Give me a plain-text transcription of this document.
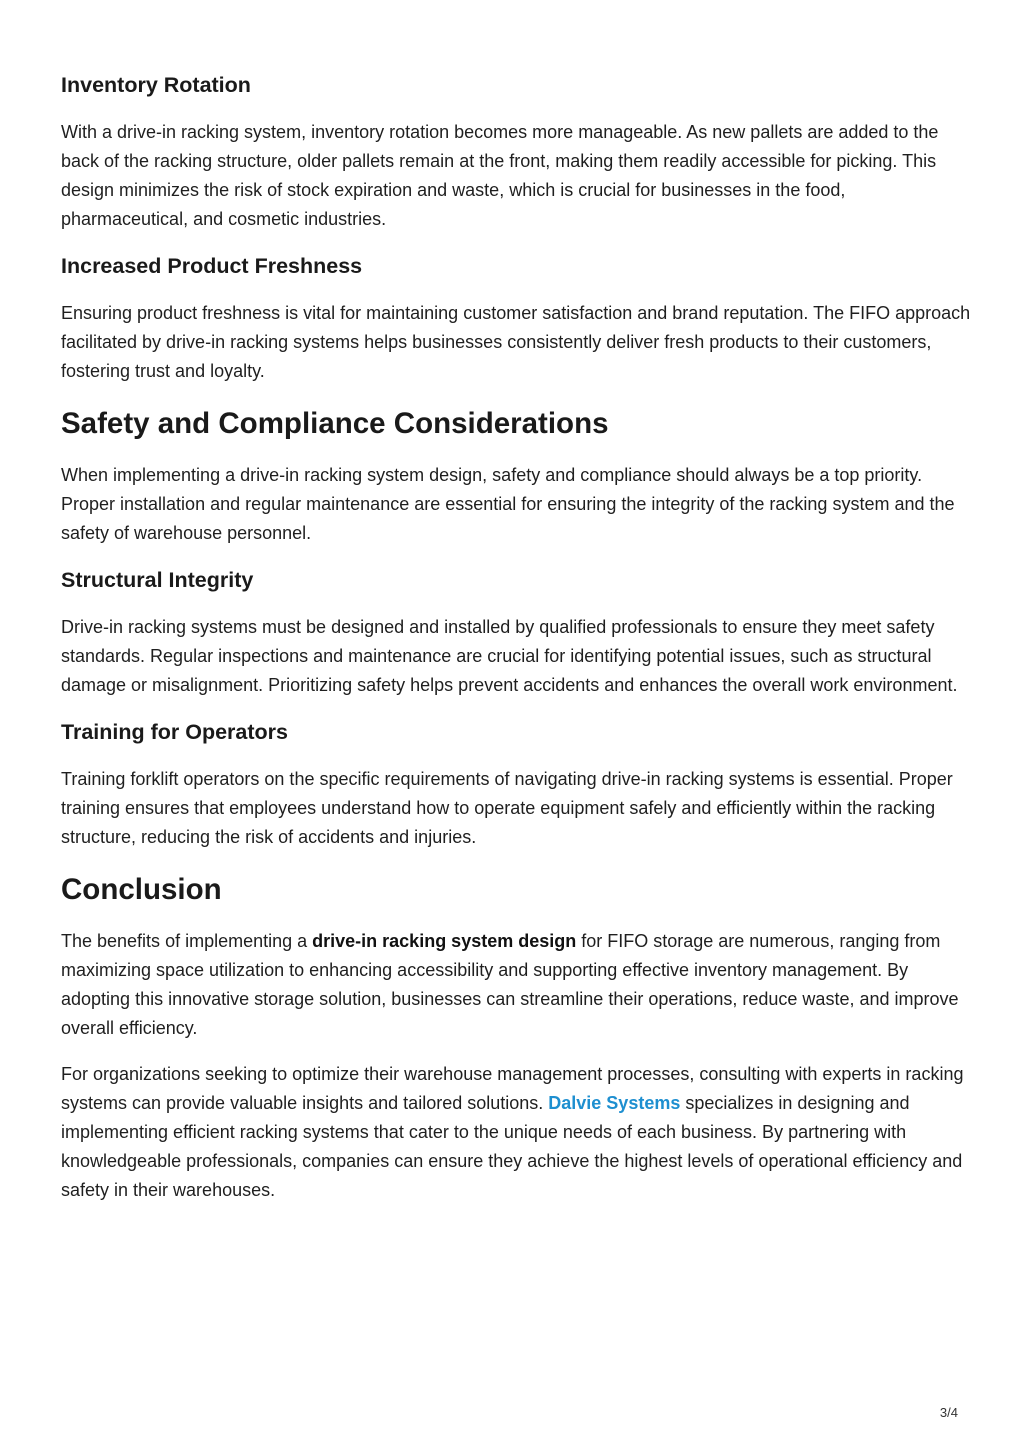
Inventory Rotation

With a drive-in racking system, inventory rotation becomes more manageable. As new pallets are added to the back of the racking structure, older pallets remain at the front, making them readily accessible for picking. This design minimizes the risk of stock expiration and waste, which is crucial for businesses in the food, pharmaceutical, and cosmetic industries.

Increased Product Freshness

Ensuring product freshness is vital for maintaining customer satisfaction and brand reputation. The FIFO approach facilitated by drive-in racking systems helps businesses consistently deliver fresh products to their customers, fostering trust and loyalty.

Safety and Compliance Considerations

When implementing a drive-in racking system design, safety and compliance should always be a top priority. Proper installation and regular maintenance are essential for ensuring the integrity of the racking system and the safety of warehouse personnel.

Structural Integrity

Drive-in racking systems must be designed and installed by qualified professionals to ensure they meet safety standards. Regular inspections and maintenance are crucial for identifying potential issues, such as structural damage or misalignment. Prioritizing safety helps prevent accidents and enhances the overall work environment.

Training for Operators

Training forklift operators on the specific requirements of navigating drive-in racking systems is essential. Proper training ensures that employees understand how to operate equipment safely and efficiently within the racking structure, reducing the risk of accidents and injuries.

Conclusion

The benefits of implementing a drive-in racking system design for FIFO storage are numerous, ranging from maximizing space utilization to enhancing accessibility and supporting effective inventory management. By adopting this innovative storage solution, businesses can streamline their operations, reduce waste, and improve overall efficiency.

For organizations seeking to optimize their warehouse management processes, consulting with experts in racking systems can provide valuable insights and tailored solutions. Dalvie Systems specializes in designing and implementing efficient racking systems that cater to the unique needs of each business. By partnering with knowledgeable professionals, companies can ensure they achieve the highest levels of operational efficiency and safety in their warehouses.

3/4
